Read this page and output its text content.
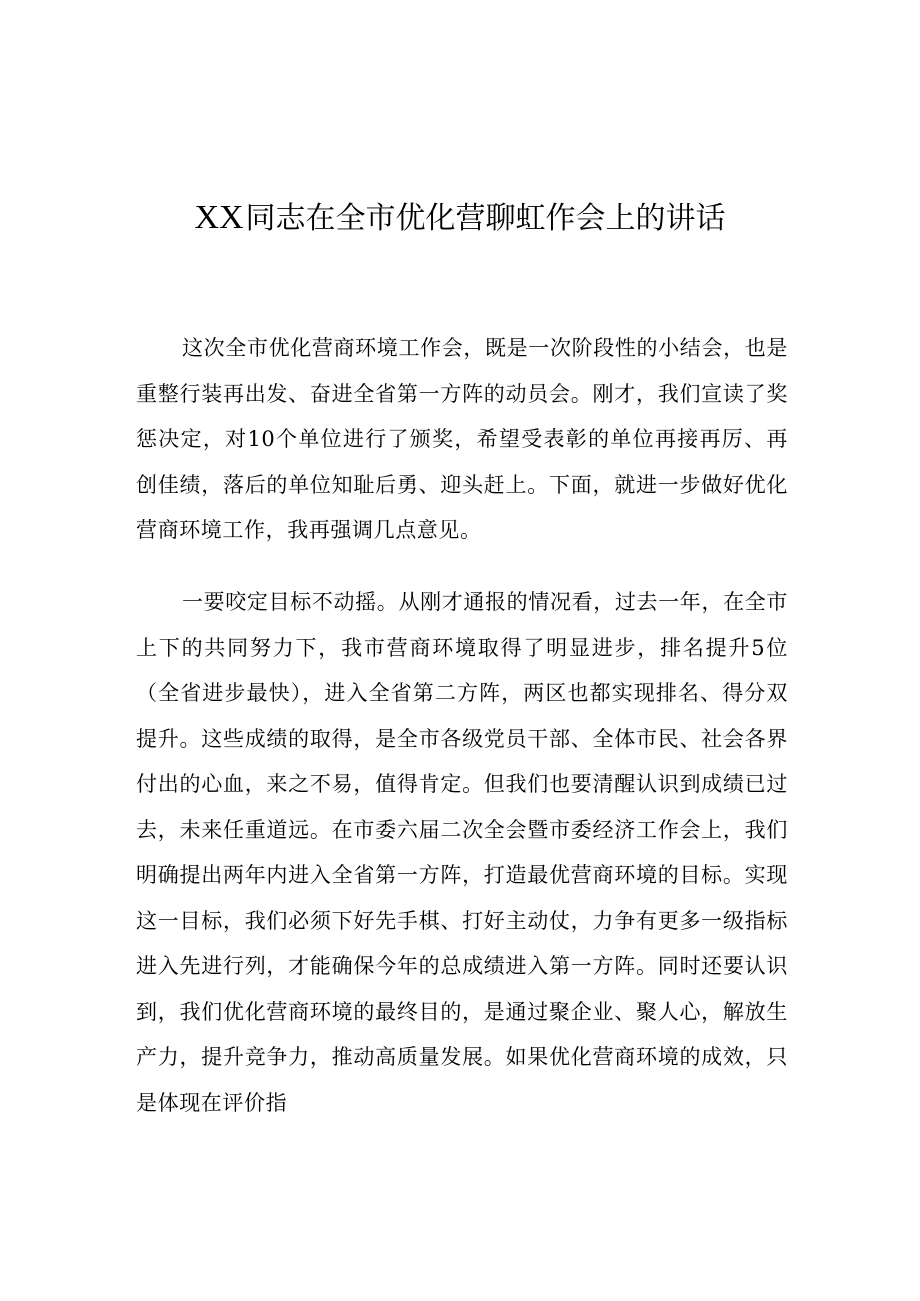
XX同志在全市优化营聊虹作会上的讲话

这次全市优化营商环境工作会，既是一次阶段性的小结会，也是重整行装再出发、奋进全省第一方阵的动员会。刚才，我们宣读了奖惩决定，对10个单位进行了颁奖，希望受表彰的单位再接再厉、再创佳绩，落后的单位知耻后勇、迎头赶上。下面，就进一步做好优化营商环境工作，我再强调几点意见。

一要咬定目标不动摇。从刚才通报的情况看，过去一年，在全市上下的共同努力下，我市营商环境取得了明显进步，排名提升5位（全省进步最快），进入全省第二方阵，两区也都实现排名、得分双提升。这些成绩的取得，是全市各级党员干部、全体市民、社会各界付出的心血，来之不易，值得肯定。但我们也要清醒认识到成绩已过去，未来任重道远。在市委六届二次全会暨市委经济工作会上，我们明确提出两年内进入全省第一方阵，打造最优营商环境的目标。实现这一目标，我们必须下好先手棋、打好主动仗，力争有更多一级指标进入先进行列，才能确保今年的总成绩进入第一方阵。同时还要认识到，我们优化营商环境的最终目的，是通过聚企业、聚人心，解放生产力，提升竞争力，推动高质量发展。如果优化营商环境的成效，只是体现在评价指
